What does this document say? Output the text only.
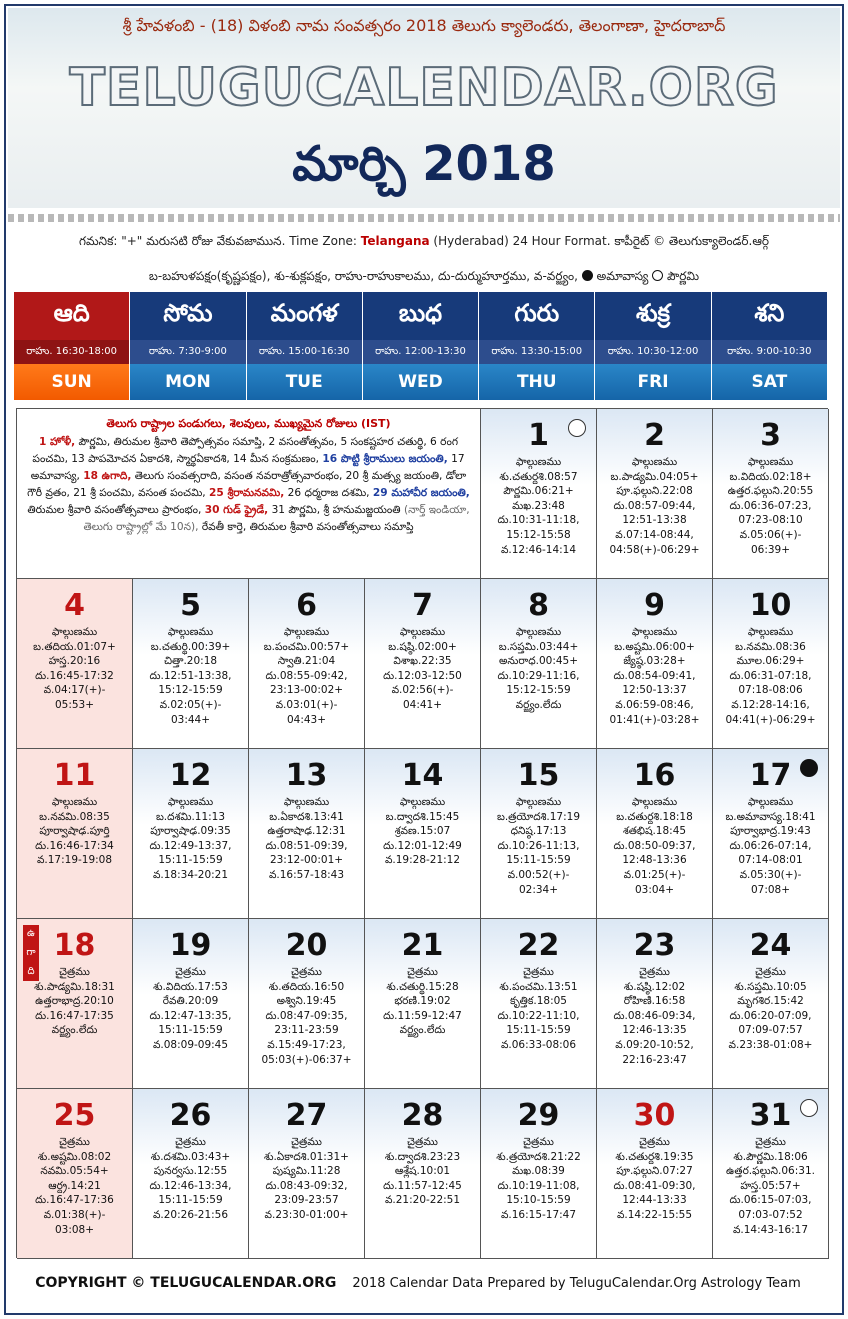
శ్రీ హేవళంబి - (18) విళంబి నామ సంవత్సరం 2018 తెలుగు క్యాలెండరు, తెలంగాణా, హైదరాబాద్
TELUGUCALENDAR.ORG
మార్చి 2018
గమనిక: "+" మరుసటి రోజు వేకువజామున. Time Zone: Telangana (Hyderabad) 24 Hour Format. కాపీరైట్ © తెలుగుక్యాలెండర్.ఆర్గ్
బ-బహుళపక్షం(కృష్ణపక్షం), శు-శుక్లపక్షం, రాహు-రాహుకాలము, దు-దుర్ముహూర్తము, వ-వర్జ్యం, అమావాస్య పౌర్ణమి
ఆది
రాహు. 16:30-18:00
SUN
సోమ
రాహు. 7:30-9:00
MON
మంగళ
రాహు. 15:00-16:30
TUE
బుధ
రాహు. 12:00-13:30
WED
గురు
రాహు. 13:30-15:00
THU
శుక్ర
రాహు. 10:30-12:00
FRI
శని
రాహు. 9:00-10:30
SAT
తెలుగు రాష్ట్రాల పండుగలు, శెలవులు, ముఖ్యమైన రోజులు (IST)
1 హోళీ, పౌర్ణమి, తిరుమల శ్రీవారి తెప్పోత్సవం సమాప్తి, 2 వసంతోత్సవం, 5 సంకష్టహర చతుర్థి, 6 రంగ పంచమి, 13 పాపమోచన ఏకాదశి, స్మార్థఏకాదశి, 14 మీన సంక్రమణం, 16 పొట్టి శ్రీరాములు జయంతి, 17 అమావాస్య, 18 ఉగాది, తెలుగు సంవత్సరాది, వసంత నవరాత్రోత్సవారంభం, 20 శ్రీ మత్స్య జయంతి, డోలా గౌరీ వ్రతం, 21 శ్రీ పంచమి, వసంత పంచమి, 25 శ్రీరామనవమి, 26 ధర్మరాజ దశమి, 29 మహావీర జయంతి, తిరుమల శ్రీవారి వసంతోత్సవాలు ప్రారంభం, 30 గుడ్ ఫ్రైడే, 31 పౌర్ణమి, శ్రీ హనుమజ్జయంతి (నార్త్ ఇండియా, తెలుగు రాష్ట్రాల్లో మే 10న), రేవతీ కార్తె, తిరుమల శ్రీవారి వసంతోత్సవాలు సమాప్తి
1
ఫాల్గుణము
శు.చతుర్దశి.08:57
పౌర్ణమి.06:21+
మఖ.23:48
దు.10:31-11:18,
15:12-15:58
వ.12:46-14:14
2
ఫాల్గుణము
బ.పాడ్యమి.04:05+
పూ.ఫల్గుని.22:08
దు.08:57-09:44,
12:51-13:38
వ.07:14-08:44,
04:58(+)-06:29+
3
ఫాల్గుణము
బ.విదియ.02:18+
ఉత్తర.ఫల్గుని.20:55
దు.06:36-07:23,
07:23-08:10
వ.05:06(+)-
06:39+
4
ఫాల్గుణము
బ.తదియ.01:07+
హస్త.20:16
దు.16:45-17:32
వ.04:17(+)-
05:53+
5
ఫాల్గుణము
బ.చతుర్థి.00:39+
చిత్తా.20:18
దు.12:51-13:38,
15:12-15:59
వ.02:05(+)-
03:44+
6
ఫాల్గుణము
బ.పంచమి.00:57+
స్వాతి.21:04
దు.08:55-09:42,
23:13-00:02+
వ.03:01(+)-
04:43+
7
ఫాల్గుణము
బ.షష్ఠి.02:00+
విశాఖ.22:35
దు.12:03-12:50
వ.02:56(+)-
04:41+
8
ఫాల్గుణము
బ.సప్తమి.03:44+
అనురాధ.00:45+
దు.10:29-11:16,
15:12-15:59
వర్జ్యం.లేదు
9
ఫాల్గుణము
బ.అష్టమి.06:00+
జ్యేష్ఠ.03:28+
దు.08:54-09:41,
12:50-13:37
వ.06:59-08:46,
01:41(+)-03:28+
10
ఫాల్గుణము
బ.నవమి.08:36
మూల.06:29+
దు.06:31-07:18,
07:18-08:06
వ.12:28-14:16,
04:41(+)-06:29+
11
ఫాల్గుణము
బ.నవమి.08:35
పూర్వాషాఢ.పూర్తి
దు.16:46-17:34
వ.17:19-19:08
12
ఫాల్గుణము
బ.దశమి.11:13
పూర్వాషాఢ.09:35
దు.12:49-13:37,
15:11-15:59
వ.18:34-20:21
13
ఫాల్గుణము
బ.ఏకాదశి.13:41
ఉత్తరాషాఢ.12:31
దు.08:51-09:39,
23:12-00:01+
వ.16:57-18:43
14
ఫాల్గుణము
బ.ద్వాదశి.15:45
శ్రవణ.15:07
దు.12:01-12:49
వ.19:28-21:12
15
ఫాల్గుణము
బ.త్రయోదశి.17:19
ధనిష్ఠ.17:13
దు.10:26-11:13,
15:11-15:59
వ.00:52(+)-
02:34+
16
ఫాల్గుణము
బ.చతుర్దశి.18:18
శతభిష.18:45
దు.08:50-09:37,
12:48-13:36
వ.01:25(+)-
03:04+
17
ఫాల్గుణము
బ.అమావాస్య.18:41
పూర్వాభాద్ర.19:43
దు.06:26-07:14,
07:14-08:01
వ.05:30(+)-
07:08+
ఉ
గా
ది
18
చైత్రము
శు.పాడ్యమి.18:31
ఉత్తరాభాద్ర.20:10
దు.16:47-17:35
వర్జ్యం.లేదు
19
చైత్రము
శు.విదియ.17:53
రేవతి.20:09
దు.12:47-13:35,
15:11-15:59
వ.08:09-09:45
20
చైత్రము
శు.తదియ.16:50
అశ్విని.19:45
దు.08:47-09:35,
23:11-23:59
వ.15:49-17:23,
05:03(+)-06:37+
21
చైత్రము
శు.చతుర్థి.15:28
భరణి.19:02
దు.11:59-12:47
వర్జ్యం.లేదు
22
చైత్రము
శు.పంచమి.13:51
కృత్తిక.18:05
దు.10:22-11:10,
15:11-15:59
వ.06:33-08:06
23
చైత్రము
శు.షష్ఠి.12:02
రోహిణి.16:58
దు.08:46-09:34,
12:46-13:35
వ.09:20-10:52,
22:16-23:47
24
చైత్రము
శు.సప్తమి.10:05
మృగశిర.15:42
దు.06:20-07:09,
07:09-07:57
వ.23:38-01:08+
25
చైత్రము
శు.అష్టమి.08:02
నవమి.05:54+
ఆర్ద్ర.14:21
దు.16:47-17:36
వ.01:38(+)-
03:08+
26
చైత్రము
శు.దశమి.03:43+
పునర్వసు.12:55
దు.12:46-13:34,
15:11-15:59
వ.20:26-21:56
27
చైత్రము
శు.ఏకాదశి.01:31+
పుష్యమి.11:28
దు.08:43-09:32,
23:09-23:57
వ.23:30-01:00+
28
చైత్రము
శు.ద్వాదశి.23:23
ఆశ్లేష.10:01
దు.11:57-12:45
వ.21:20-22:51
29
చైత్రము
శు.త్రయోదశి.21:22
మఖ.08:39
దు.10:19-11:08,
15:10-15:59
వ.16:15-17:47
30
చైత్రము
శు.చతుర్దశి.19:35
పూ.ఫల్గుని.07:27
దు.08:41-09:30,
12:44-13:33
వ.14:22-15:55
31
చైత్రము
శు.పౌర్ణమి.18:06
ఉత్తర.ఫల్గుని.06:31.
హస్త.05:57+
దు.06:15-07:03,
07:03-07:52
వ.14:43-16:17
COPYRIGHT © TELUGUCALENDAR.ORG 2018 Calendar Data Prepared by TeluguCalendar.Org Astrology Team
